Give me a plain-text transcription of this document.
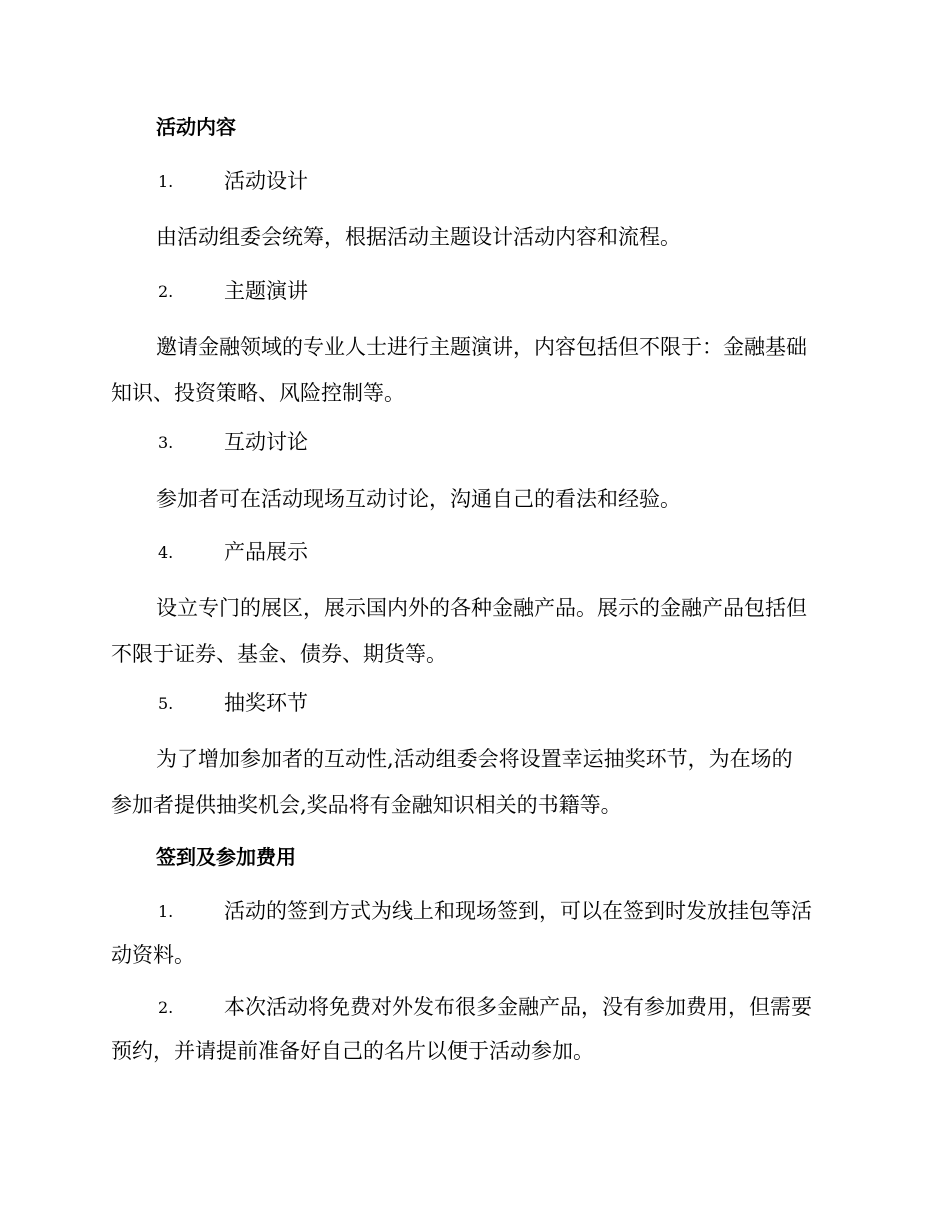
活动内容
1. 活动设计
由活动组委会统筹，根据活动主题设计活动内容和流程。
2. 主题演讲
邀请金融领域的专业人士进行主题演讲，内容包括但不限于：金融基础
知识、投资策略、风险控制等。
3. 互动讨论
参加者可在活动现场互动讨论，沟通自己的看法和经验。
4. 产品展示
设立专门的展区，展示国内外的各种金融产品。展示的金融产品包括但
不限于证券、基金、债券、期货等。
5. 抽奖环节
为了增加参加者的互动性,活动组委会将设置幸运抽奖环节，为在场的
参加者提供抽奖机会,奖品将有金融知识相关的书籍等。
签到及参加费用
1. 活动的签到方式为线上和现场签到，可以在签到时发放挂包等活
动资料。
2. 本次活动将免费对外发布很多金融产品，没有参加费用，但需要
预约，并请提前准备好自己的名片以便于活动参加。
